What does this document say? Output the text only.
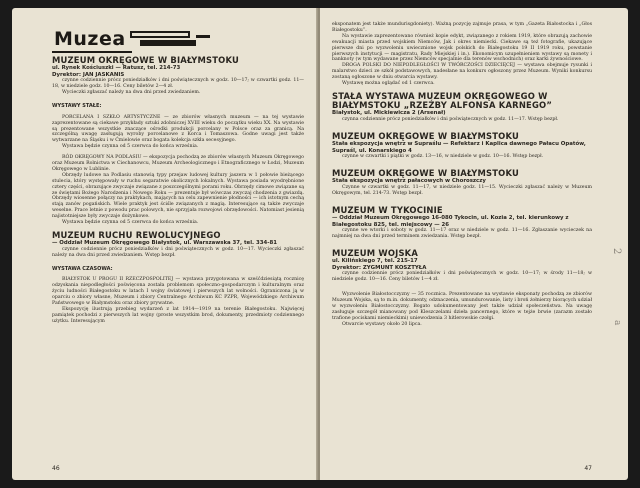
Muzea
MUZEUM OKRĘGOWE W BIAŁYMSTOKU
ul. Rynek Kościuszki — Ratusz, tel. 214-73
Dyrektor: JAN JASKANIS

czynne codziennie prócz poniedziałków i dni poświątecznych w godz. 10—17; w czwartki godz. 11—18, w niedziele godz. 10—16. Ceny biletów 2—4 zł.

Wycieczki zgłaszać należy na dwa dni przed zwiedzaniem.

WYSTAWY STAŁE:

PORCELANA I SZKŁO ARTYSTYCZNE — ze zbiorów własnych muzeum — na tej wystawie zaprezentowane są ciekawe przykłady sztuki zdobniczej XVIII wieku do początku wieku XX. Na wystawie są prezentowane wszystkie znaczące ośrodki produkcji porcelany w Polsce oraz za granicą. Na szczególną uwagę zasługują wyroby porcelanowe z Korca i Tomaszowa. Godne uwagi jest także wytwarzane na Śląsku i w Ćmielowie oraz bogata kolekcja szkła secesyjnego.

Wystawa będzie czynna od 5 czerwca do końca września.

RÓD OKRĘGOWY NA PODLASIU — ekspozycja pochodzą ze zbiorów własnych Muzeum Okręgowego oraz Muzeum Rolnictwa w Ciechanowcu, Muzeum Archeologicznego i Etnograficznego w Łodzi, Muzeum Okręgowego w Lublinie.

Obrzędy ludowe na Podlasiu stanowią typy przejaw ludowej kultury jaszera w 1 połowie bieżącego stulecia, który występowały w ruchu segaratwie okolicznych lokalnych. Wystawa posiada wyodrębnione cztery części, obrazujące zwyczaje związane z poszczególnymi porami roku. Obrzędy cimowe związane są ze świętami Bożego Narodzenia i Nowego Roku — prezentuje był wówczas zwyczaj chodzenia z gwiazdą. Obrzędy wiosenne połączy na praktykach, mających na celu zapewnienie płodności — ich istotnym cechą stają zanów pogańskich. Wiele praktyk jest ściśle związanych z magią. Interesujące są także zwyczaje weselne. Prace letnie z powodu prac polowych, nie sprzyjała rozwojowi obrzędowości. Natomiast jesienią najistotniejsze były zwyczaje dożynkowe.

Wystawa będzie czynna od 5 czerwca do końca września.

MUZEUM RUCHU REWOLUCYJNEGO
— Oddział Muzeum Okręgowego Białystok, ul. Warszawska 37, tel. 334-81

czynne codziennie prócz poniedziałków i dni poświątecznych w godz. 10—17. Wycieczki zgłaszać należy na dwa dni przed zwiedzaniem. Wstęp bezpł.

WYSTAWA CZASOWA:

BIAŁYSTOK U PROGU II RZECZPOSPOLITEJ — wystawa przygotowana w sześćdziesiątą rocznicę odzyskania niepodległości poświęcona została problemom społeczno-gospodarczym i kulturalnym oraz życiu ludności Białegostoku w latach I wojny światowej i pierwszych lat wolności. Ograniczona ją w oparciu o zbiory własne, Muzeum i zbiory Centralnego Archiwum KC PZPR, Wojewódzkiego Archiwum Państwowego w Białymstoku oraz zbiory prywatne.

Ekspozycję ilustrują przebieg wydarzeń z lat 1914—1919 na terenie Białegostoku. Najwięcej pamiątek pochodzi z pierwszych lat wojny (proste wszystkim brod, dokumenty, przedmioty codziennego użytku. Interesującym

46

eksponatem jest także mundurisgdoniety). Ważną pozycję zajmuje prasa, w tym „Gazeta Białostocka i „Głos Białegostoku”.

Na wystawie zaprezentowano również kopie edykt, związanego z rokiem 1919, które obrazują zachowie ewakuacji miasta przed wojskiem Niemców, Jak i okres niemiecki. Ciekawe są też fotografie, ukazujące pierwsze dni po wyzwoleniu uwiecznione wojsk polskich do Białegostoku 19 II 1919 roku, powstanie pierwszych instytucji — magistratu, Rady Miejskiej i in.). Ekonomicym uzupełnieniem wystawy są monety i banknoty (w tym wydawane przez Niemców specjalnie dla terenów wschodnich) oraz karki żywnościowe.

DROGA POLSKI DO NIEPODLEGŁOŚCI W TWÓRCZOŚCI DZIECIĘCEJ — wystawa obejmuje rysunki i malarstwo dzieci ze szkół podstawowych, nadesłane na konkurs ogłoszony przez Muzeum. Wyniki konkursu zostaną ogłoszone w dniu otwarcia wystawy.

Wystawę można oglądać od 1 czerwca.

STAŁA WYSTAWA MUZEUM OKRĘGOWEGO W BIAŁYMSTOKU „RZEŹBY ALFONSA KARNEGO”
Białystok, ul. Mickiewicza 2 (Arsenał)

czynna codziennie prócz poniedziałków i dni poświątecznych w godz. 11—17. Wstęp bezpł.

MUZEUM OKRĘGOWE W BIAŁYMSTOKU
Stała ekspozycja wnętrz w Supraślu — Refektarz i Kaplica dawnego Pałacu Opatów,
Supraśl, ul. Konarskiego 4

czynne w czwartki i piątki w godz. 13—16, w niedziele w godz. 10—16. Wstęp bezpł.

MUZEUM OKRĘGOWE W BIAŁYMSTOKU
Stała ekspozycja wnętrz pałacowych w Choroszczy

Czynne w czwartki w godz. 11—17, w niedziele godz. 11—15. Wycieczki zgłaszać należy w Muzeum Okręgowym, tel. 214-73. Wstęp bezpł.

MUZEUM W TYKOCINIE
— Oddział Muzeum Okręgowego 16-080 Tykocin, ul. Kozia 2, tel. kierunkowy z Białegostoku 825, tel. miejscowy — 26

czynne we wtorki i soboty w godz. 11—17 oraz w niedziele w godz. 11—16. Zgłaszanie wycieczek na najmniej na dwa dni przed terminem zwiedzania. Wstęp bezpł.

MUZEUM WOJSKA
ul. Kilińskiego 7, tel. 215-17
Dyrektor: ZYGMUNT KOSZTYŁA

czynne codziennie prócz poniedziałków i dni poświątecznych w godz. 10—17; w środy 11—18; w niedziele godz. 10—16. Ceny biletów 1—4 zł.

Wyzwolenie Białostocczyzny — 35 rocznica. Prezentowane na wystawie eksponaty pochodzą ze zbiorów Muzeum Wojska, są to m.in. dokumenty, odznaczenia, umundurowanie, listy i broń żołnierzy biorących udział w wyzwoleniu Białostocczyzny. Bogato udokumentowany jest także udział społeczeństwa. Na uwagę zasługuje szczegół mianowany pod Kleszczelami dzieła pancernego, które w tejże brwie (zarazm zostało trafione pociskami niemieckimi) uniewodzenia 3 hitlerowskie czołgi.

Otwarcie wystawy około 20 lipca.

2
a
47
